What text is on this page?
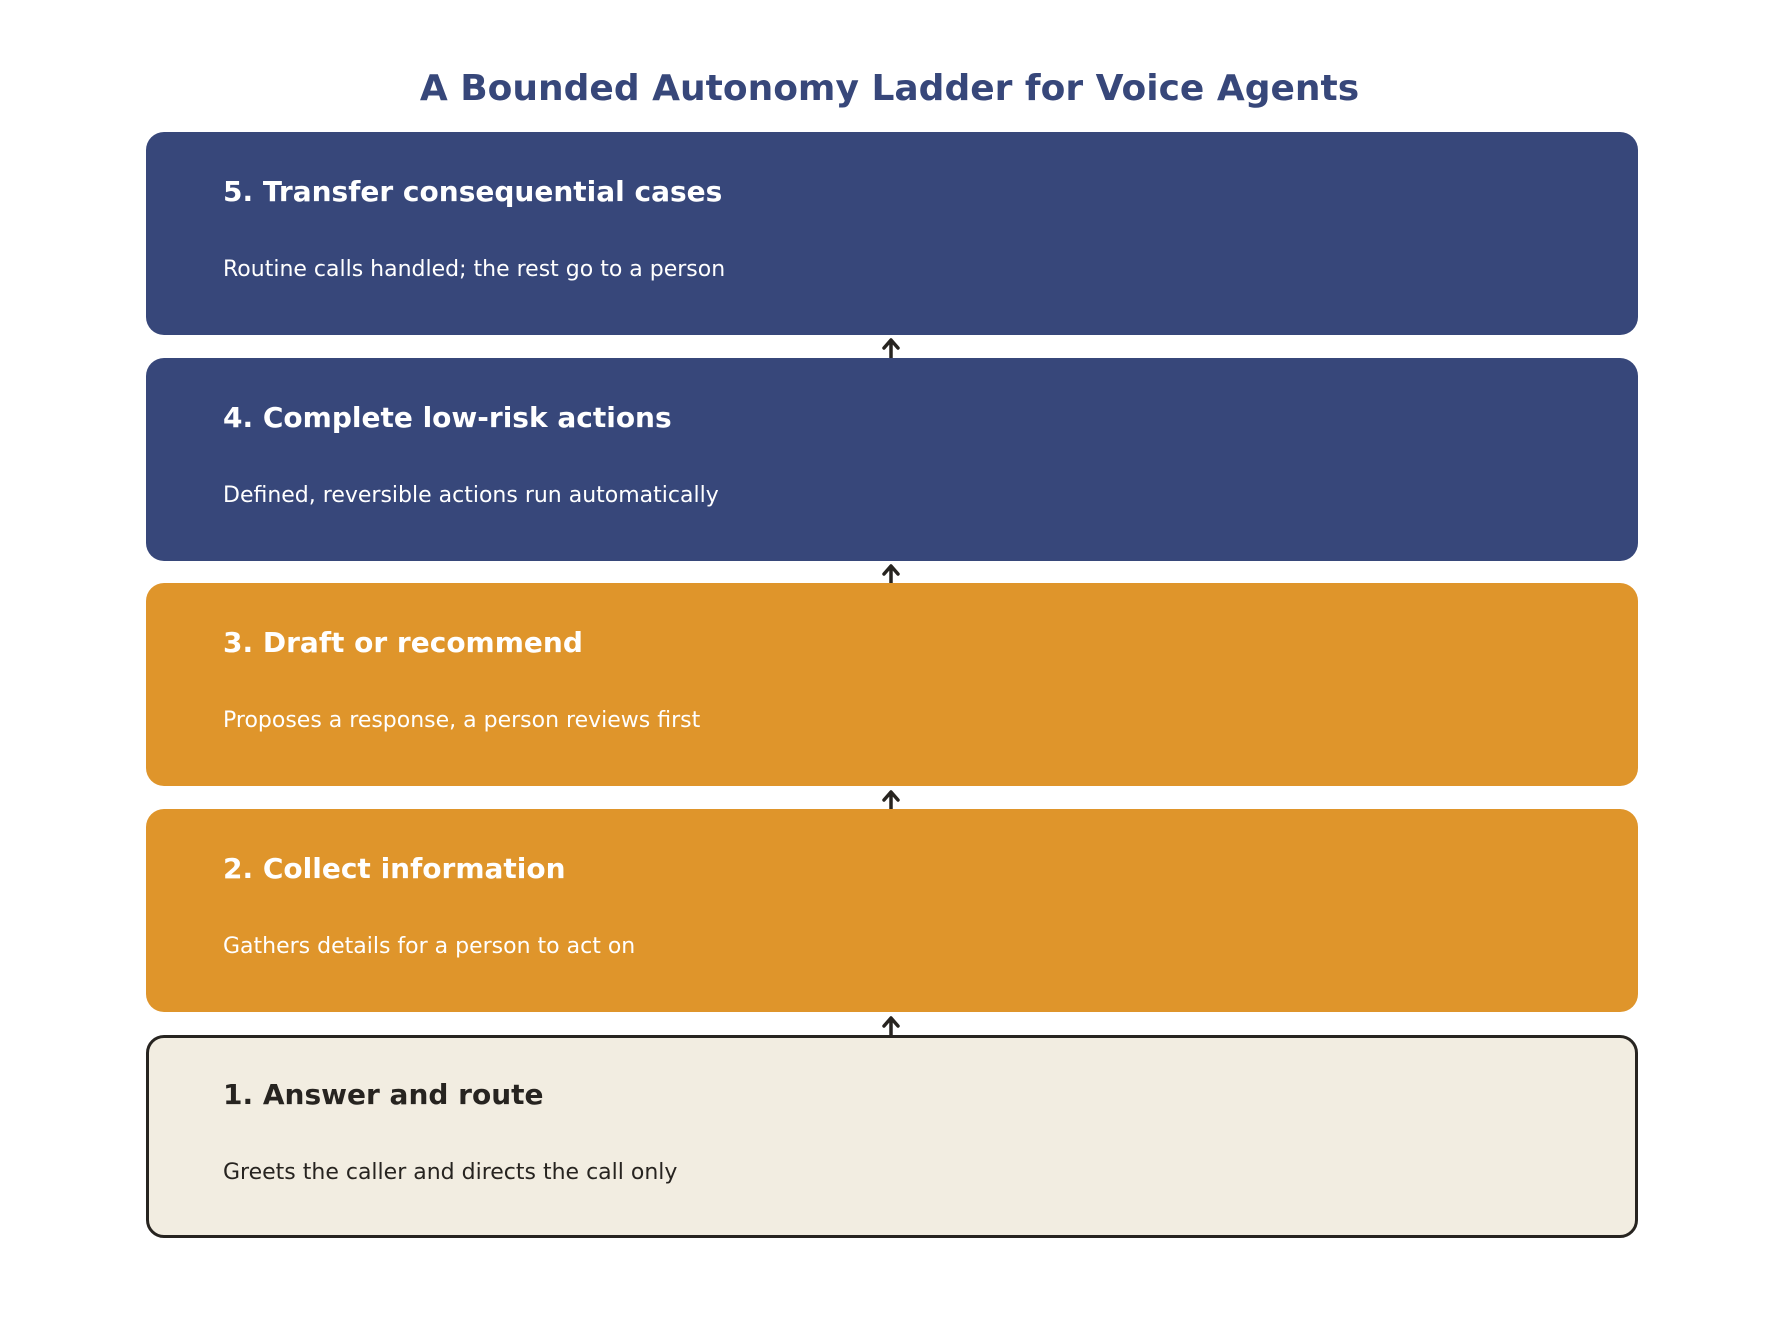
A Bounded Autonomy Ladder for Voice Agents
5. Transfer consequential cases
Routine calls handled; the rest go to a person
4. Complete low-risk actions
Defined, reversible actions run automatically
3. Draft or recommend
Proposes a response, a person reviews first
2. Collect information
Gathers details for a person to act on
1. Answer and route
Greets the caller and directs the call only
